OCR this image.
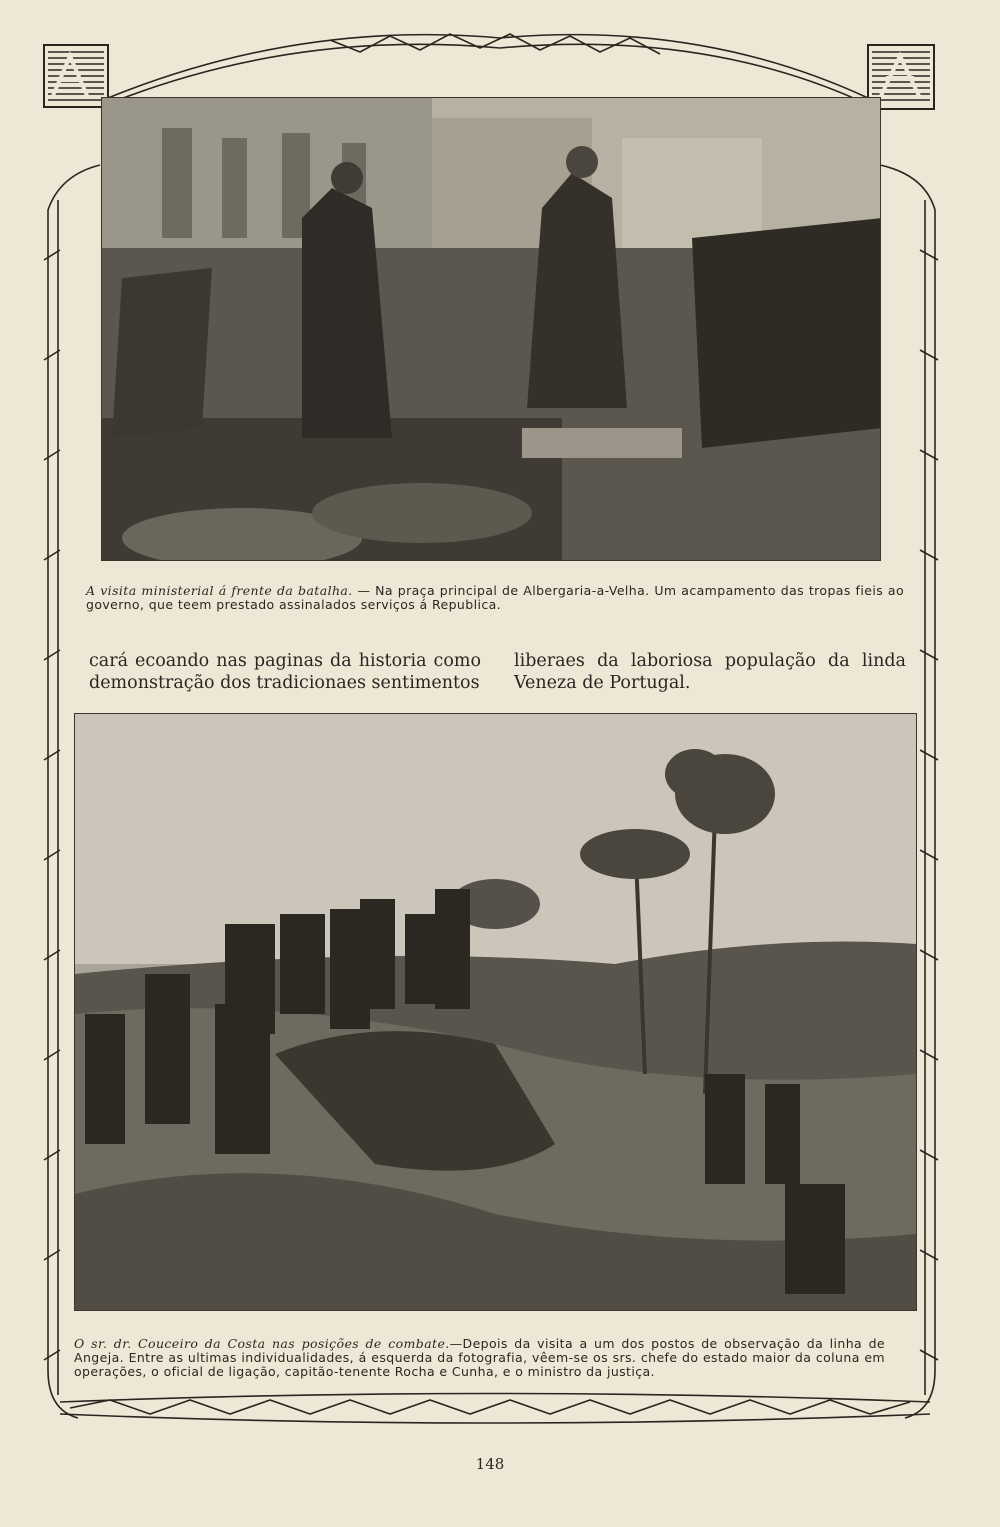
A visita ministerial á frente da batalha. — Na praça principal de Albergaria-a-Velha. Um acampamento das tropas fieis ao governo, que teem prestado assinalados serviços á Republica.
cará ecoando nas paginas da historia como demonstração dos tradicionaes sentimentos
liberaes da laboriosa população da linda Veneza de Portugal.
O sr. dr. Couceiro da Costa nas posições de combate.—Depois da visita a um dos postos de observação da linha de Angeja. Entre as ultimas individualidades, á esquerda da fotografia, vêem-se os srs. chefe do estado maior da coluna em operações, o oficial de ligação, capitão-tenente Rocha e Cunha, e o ministro da justiça.
148
